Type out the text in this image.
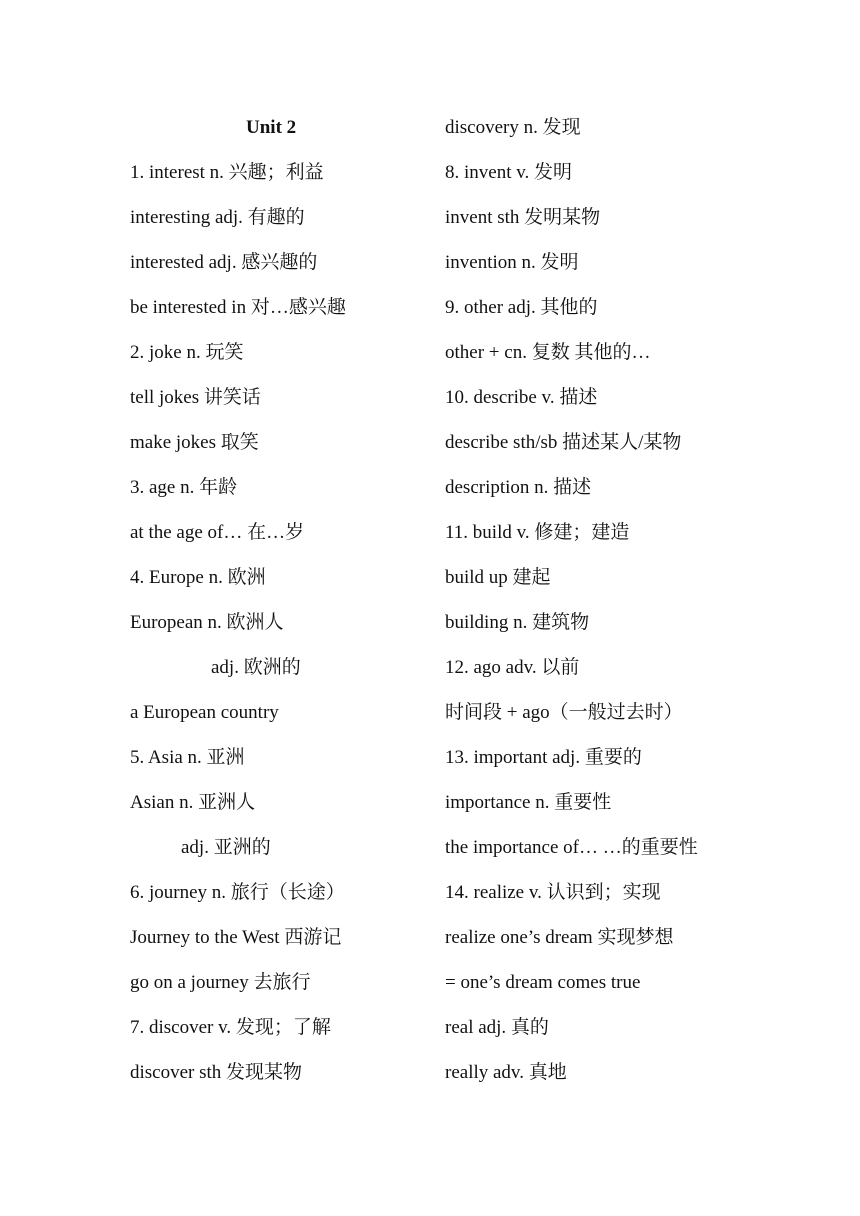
Unit 2
1. interest n. 兴趣；利益
interesting adj. 有趣的
interested adj. 感兴趣的
be interested in 对…感兴趣
2. joke n. 玩笑
tell jokes 讲笑话
make jokes 取笑
3. age n. 年龄
at the age of… 在…岁
4. Europe n. 欧洲
European n. 欧洲人
adj. 欧洲的
a European country
5. Asia n. 亚洲
Asian n. 亚洲人
adj. 亚洲的
6. journey n. 旅行（长途）
Journey to the West 西游记
go on a journey 去旅行
7. discover v. 发现；了解
discover sth 发现某物
discovery n. 发现
8. invent v. 发明
invent sth 发明某物
invention n. 发明
9. other adj. 其他的
other + cn. 复数 其他的…
10. describe v. 描述
describe sth/sb 描述某人/某物
description n. 描述
11. build v. 修建；建造
build up 建起
building n. 建筑物
12. ago adv. 以前
时间段 + ago（一般过去时）
13. important adj. 重要的
importance n. 重要性
the importance of… …的重要性
14. realize v. 认识到；实现
realize one’s dream 实现梦想
= one’s dream comes true
real adj. 真的
really adv. 真地
